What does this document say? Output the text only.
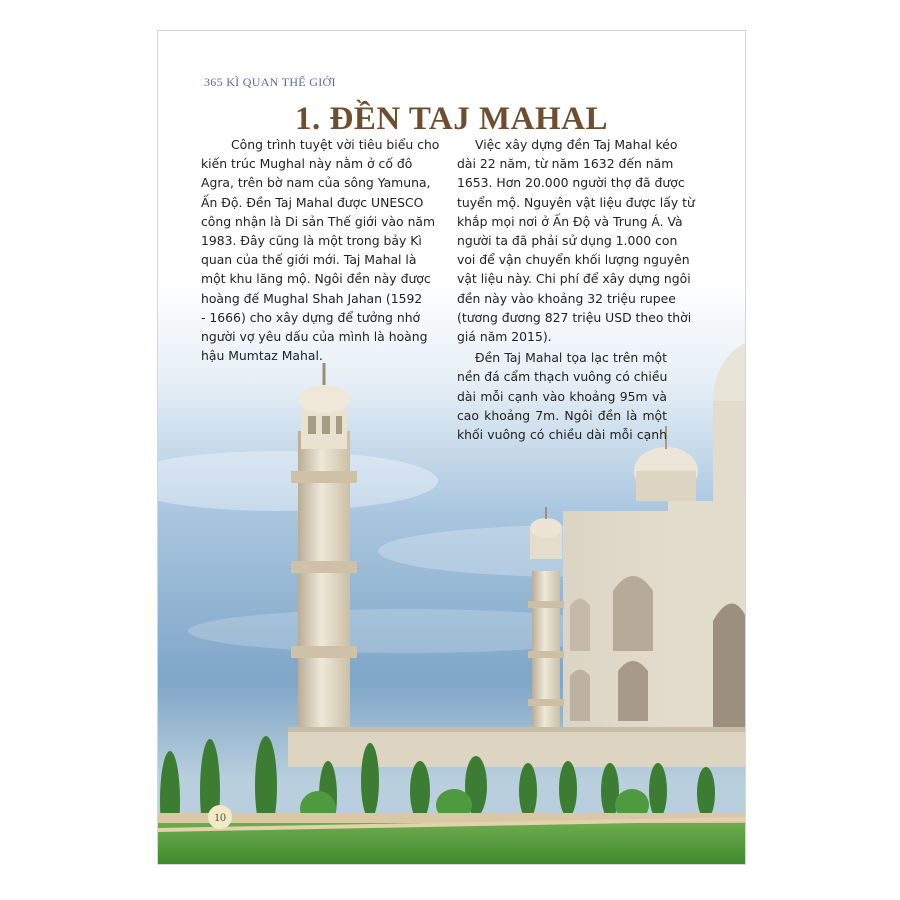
365 KÌ QUAN THẾ GIỚI
1. ĐỀN TAJ MAHAL
Công trình tuyệt vời tiêu biểu cho
kiến trúc Mughal này nằm ở cố đô
Agra, trên bờ nam của sông Yamuna,
Ấn Độ. Đền Taj Mahal được UNESCO
công nhận là Di sản Thế giới vào năm
1983. Đây cũng là một trong bảy Kì
quan của thế giới mới. Taj Mahal là
một khu lăng mộ. Ngôi đền này được
hoàng đế Mughal Shah Jahan (1592
- 1666) cho xây dựng để tưởng nhớ
người vợ yêu dấu của mình là hoàng
hậu Mumtaz Mahal.
Việc xây dựng đền Taj Mahal kéo
dài 22 năm, từ năm 1632 đến năm
1653. Hơn 20.000 người thợ đã được
tuyển mộ. Nguyên vật liệu được lấy từ
khắp mọi nơi ở Ấn Độ và Trung Á. Và
người ta đã phải sử dụng 1.000 con
voi để vận chuyển khối lượng nguyên
vật liệu này. Chi phí để xây dựng ngôi
đền này vào khoảng 32 triệu rupee
(tương đương 827 triệu USD theo thời
giá năm 2015).
Đền Taj Mahal tọa lạc trên một
nền đá cẩm thạch vuông có chiều
dài mỗi cạnh vào khoảng 95m và
cao khoảng 7m. Ngôi đền là một
khối vuông có chiều dài mỗi cạnh
10
